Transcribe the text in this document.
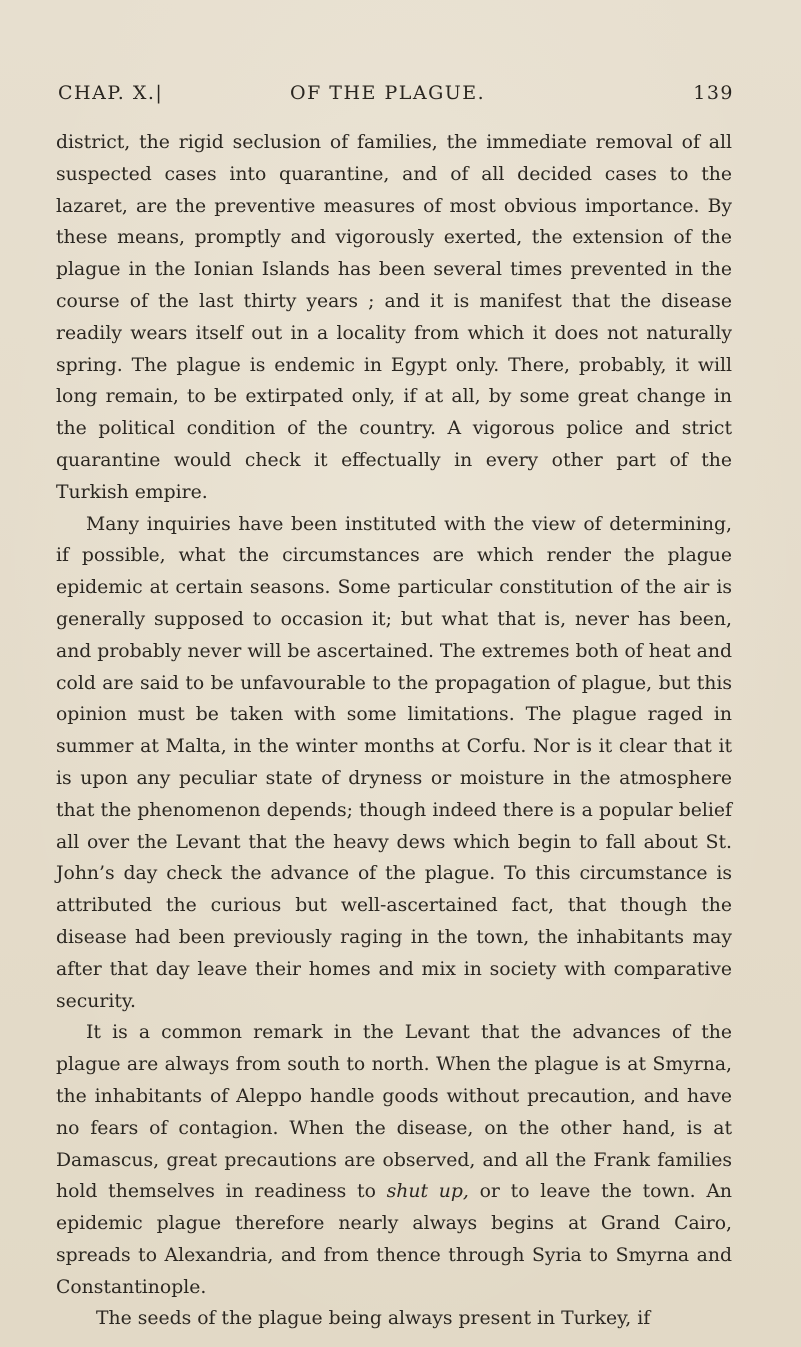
CHAP. X.|	OF THE PLAGUE.	139

district, the rigid seclusion of families, the immediate removal of all suspected cases into quarantine, and of all decided cases to the lazaret, are the preventive measures of most obvious importance. By these means, promptly and vigorously exerted, the extension of the plague in the Ionian Islands has been several times prevented in the course of the last thirty years ; and it is manifest that the disease readily wears itself out in a locality from which it does not naturally spring. The plague is endemic in Egypt only. There, probably, it will long remain, to be extirpated only, if at all, by some great change in the political condition of the country. A vigorous police and strict quarantine would check it effectually in every other part of the Turkish empire.

Many inquiries have been instituted with the view of determining, if possible, what the circumstances are which render the plague epidemic at certain seasons. Some particular constitution of the air is generally supposed to occasion it; but what that is, never has been, and probably never will be ascertained. The extremes both of heat and cold are said to be unfavourable to the propagation of plague, but this opinion must be taken with some limitations. The plague raged in summer at Malta, in the winter months at Corfu. Nor is it clear that it is upon any peculiar state of dryness or moisture in the atmosphere that the phenomenon depends; though indeed there is a popular belief all over the Levant that the heavy dews which begin to fall about St. John’s day check the advance of the plague. To this circumstance is attributed the curious but well-ascertained fact, that though the disease had been previously raging in the town, the inhabitants may after that day leave their homes and mix in society with comparative security.

It is a common remark in the Levant that the advances of the plague are always from south to north. When the plague is at Smyrna, the inhabitants of Aleppo handle goods without precaution, and have no fears of contagion. When the disease, on the other hand, is at Damascus, great precautions are observed, and all the Frank families hold themselves in readiness to shut up, or to leave the town. An epidemic plague therefore nearly always begins at Grand Cairo, spreads to Alexandria, and from thence through Syria to Smyrna and Constantinople.

The seeds of the plague being always present in Turkey, if
